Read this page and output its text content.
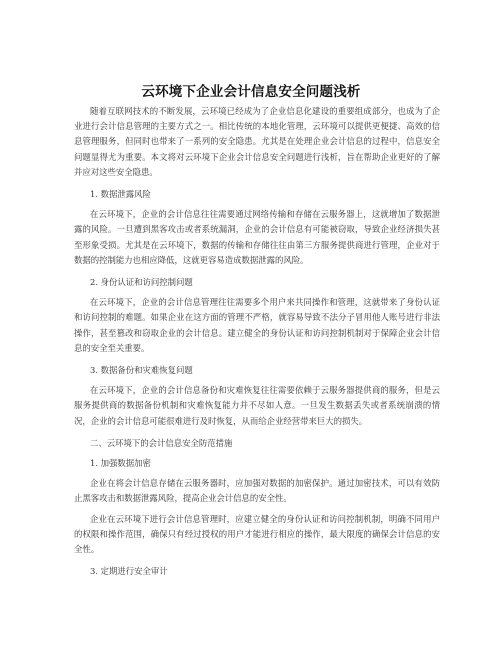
云环境下企业会计信息安全问题浅析

随着互联网技术的不断发展，云环境已经成为了企业信息化建设的重要组成部分，也成为了企业进行会计信息管理的主要方式之一。相比传统的本地化管理，云环境可以提供更便捷、高效的信息管理服务，但同时也带来了一系列的安全隐患。尤其是在处理企业会计信息的过程中，信息安全问题显得尤为重要。本文将对云环境下企业会计信息安全问题进行浅析，旨在帮助企业更好的了解并应对这些安全隐患。

1. 数据泄露风险

在云环境下，企业的会计信息往往需要通过网络传输和存储在云服务器上，这就增加了数据泄露的风险。一旦遭到黑客攻击或者系统漏洞，企业的会计信息有可能被窃取，导致企业经济损失甚至形象受损。尤其是在云环境下，数据的传输和存储往往由第三方服务提供商进行管理，企业对于数据的控制能力也相应降低，这就更容易造成数据泄露的风险。

2. 身份认证和访问控制问题

在云环境下，企业的会计信息管理往往需要多个用户来共同操作和管理，这就带来了身份认证和访问控制的难题。如果企业在这方面的管理不严格，就容易导致不法分子冒用他人账号进行非法操作，甚至篡改和窃取企业的会计信息。建立健全的身份认证和访问控制机制对于保障企业会计信息的安全至关重要。

3. 数据备份和灾难恢复问题

在云环境下，企业的会计信息备份和灾难恢复往往需要依赖于云服务器提供商的服务，但是云服务提供商的数据备份机制和灾难恢复能力并不尽如人意。一旦发生数据丢失或者系统崩溃的情况，企业的会计信息可能很难进行及时恢复，从而给企业经营带来巨大的损失。

二、云环境下的会计信息安全防范措施

1. 加强数据加密

企业在将会计信息存储在云服务器时，应加强对数据的加密保护。通过加密技术，可以有效防止黑客攻击和数据泄露风险，提高企业会计信息的安全性。

企业在云环境下进行会计信息管理时，应建立健全的身份认证和访问控制机制，明确不同用户的权限和操作范围，确保只有经过授权的用户才能进行相应的操作，最大限度的确保会计信息的安全性。

3. 定期进行安全审计
